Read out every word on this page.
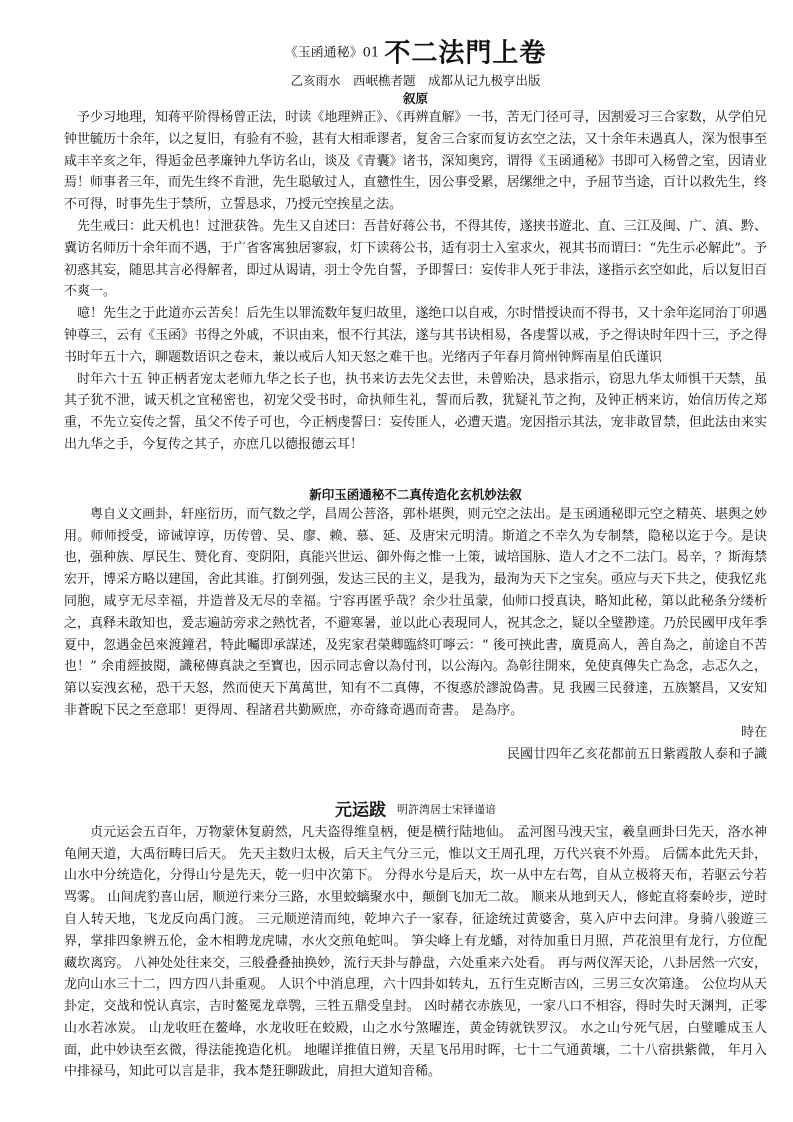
《玉函通秘》01 不二法門上卷
乙亥雨水　西岷樵者题　成都从记九极亨出版
叙原

予少习地理，知蒋平阶得杨曾正法，时读《地理辨正》、《再辨直解》一书，苦无门径可寻，因割爱习三合家数，从学伯兄钟世毓历十余年，以之复旧，有验有不验，甚有大相乖谬者，复舍三合家而复访玄空之法，又十余年未遇真人，深为恨事至咸丰辛亥之年，得逅金邑孝廉钟九华访名山，谈及《青囊》诸书，深知奥窍，谓得《玉函通秘》书即可入杨曾之室，因请业焉！师事者三年，而先生终不肯泄，先生聪敏过人，直戆性生，因公事受累，居缧绁之中，予屈节当途，百计以救先生，终不可得，时事先生于禁所，立誓恳求，乃授元空挨星之法。

先生戒曰：此天机也！过泄获咎。先生又自述曰：吾昔好蒋公书，不得其传，遂挟书遊北、直、三江及闽、广、滇、黔、冀访名师历十余年而不遇，于广省客寓独居寥寂，灯下读蒋公书，适有羽士入室求火，视其书而谓曰：“先生示必解此”。予初惑其妄，随思其言必得解者，即过从谒请，羽士令先自誓，予即誓曰：妄传非人死于非法，遂指示玄空如此，后以复旧百不爽一。

噫！先生之于此道亦云苦矣！后先生以罪流数年复归故里，遂绝口以自戒，尔时惜授诀而不得书，又十余年迄同治丁卯遇钟尊三，云有《玉函》书得之外戚，不识由来，恨不行其法，遂与其书诀相易，各虔誓以戒，予之得诀时年四十三，予之得书时年五十六，聊题数语识之卷末，兼以戒后人知天怒之难干也。光绪丙子年春月简州钟辉南星伯氏谨识

时年六十五 钟正柄者宠太老师九华之长子也，执书来访去先父去世，未曾贻决，恳求指示，窃思九华太师惧干天禁，虽其子犹不泄，诚天机之宜秘密也，初宠父受书时，命执师生礼，誓而后教，犹疑礼节之拘，及钟正柄来访，始信历传之郑重，不先立妄传之誓，虽父不传子可也，今正柄虔誓曰：妄传匪人，必遭天遣。宠因指示其法，宠非敢冒禁，但此法由来实出九华之手，今复传之其子，亦庶几以德报德云耳！

新印玉函通秘不二真传造化玄机妙法叙

粤自义文画卦，轩座衍历，而气数之学，昌周公菩洛，郭朴堪舆，则元空之法出。是玉函通秘即元空之精英、堪舆之妙用。师师授受，谛诫谆谆，历传曾、吴、廖、赖、慕、延、及唐宋元明清。斯道之不幸久为专制禁，隐秘以迄于今。是诀也，强种族、厚民生、赞化育、变阴阳，真能兴世运、御外侮之惟一上策，诚培国脉、造人才之不二法门。曷辛，？斯海禁宏开，博采方略以建国，舍此其谁。打倒列强，发达三民的主义，是我为，最洵为天下之宝矣。亟应与天下共之，使我忆兆同胞，咸亨无尽幸福，并造普及无尽的幸福。宁容再匿乎哉？余少壮虽蒙，仙师口授真诀，略知此秘，第以此秘条分缕析之，真释未敢知也，爰志遍訪旁求之熱忱者，不避寒暑，並以此心表現同人，祝其念之，疑以全璧尠達。乃於民國甲戌年季夏中，忽遇金邑來渡鐘君，特此囑即承謀述，及宪家君榮卿臨終叮嚀云：“ 後可挾此書，廣覓高人，善自為之，前途自不苦也！” 余甫經披閱，識秘傳真訣之至寶也，因示同志會以為付刊，以公海內。為彰往開來，免使真傳失亡為念，忐忑久之，第以妄洩玄秘，恐干天怒，然而使天下萬萬世，知有不二真傳，不復惑於謬說偽書。見 我國三民發達，五族繁昌，又安知非蒼睨下民之至意耶！更得周、程諸君共勤厥庶，亦奇緣奇遇而奇書。 是為序。

時在
民國廿四年乙亥花都前五日紫霞散人泰和子識
元运跋 明許湾居士宋铎谨谙

贞元运会五百年，万物蒙休复蔚然，凡夫盗得维皇柄，便是横行陆地仙。 孟河图马洩天宝，羲皇画卦曰先天，洛水神龟闸天道，大禹衍畴曰后天。 先天主数归太极，后天主气分三元，惟以文王周孔理，万代兴衰不外焉。 后儒本此先天卦，山水中分统造化，分得山兮是先天，乾一归中次第下。 分得水兮是后天，坎一从中左右驾，自从立极将天布，若驱云兮若骂雾。 山间虎豹喜山居，顺逆行来分三路，水里蛟螭聚水中，颠倒飞加无二故。 顺来从地到天人，修蛇直将秦岭步，逆时自人转天地，飞龙反向禹门渡。 三元顺逆清而纯，乾坤六子一家春，征途统过黄婆舍，莫入庐中去问津。身骑八骏遊三界，掌排四象辨五伦，金木相聘龙虎啸，水火交煎龟蛇叫。 笋尖峰上有龙蟠，对待加重日月照，芦花浪里有龙行，方位配藏坎离窍。 八神处处往来交，三般叠叠抽换妙，流行天卦与静盘，六处重来六处看。 再与两仪浑天论，八卦居然一穴安，龙向山水三十二，四方四八卦重观。 人识个中消息理，六十四卦如转丸，五行生克断吉凶，三男三女次第逢。 公位均从天卦定，交战和悦认真宗，吉时鳌冕龙章鹗，三牲五鼎受皇封。 凶时赭衣赤族见，一家八口不相容，得时失时天渊判，正零山水若冰炭。 山龙收旺在鳌峰，水龙收旺在蛟殿，山之水兮煞曜连，黄金铸就铁罗汉。 水之山兮死气居，白璧雕成玉人面，此中妙诀至玄微，得法能挽造化机。 地曜详推值日辨，天星飞吊用时晖，七十二气通黄壤，二十八宿拱紫微， 年月入中排禄马，知此可以言是非，我本楚狂聊跋此，肩担大道知音稀。
